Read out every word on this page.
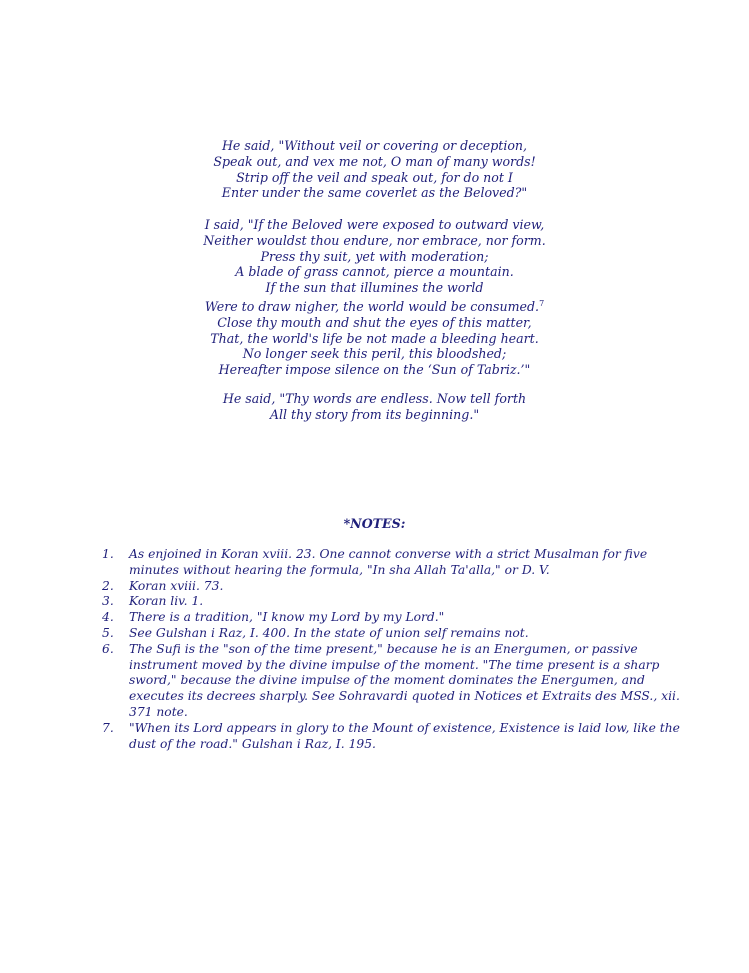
He said, "Without veil or covering or deception,
Speak out, and vex me not, O man of many words!
Strip off the veil and speak out, for do not I
Enter under the same coverlet as the Beloved?"
I said, "If the Beloved were exposed to outward view,
Neither wouldst thou endure, nor embrace, nor form.
Press thy suit, yet with moderation;
A blade of grass cannot, pierce a mountain.
If the sun that illumines the world
Were to draw nigher, the world would be consumed.$^7$
Close thy mouth and shut the eyes of this matter,
That, the world's life be not made a bleeding heart.
No longer seek this peril, this bloodshed;
Hereafter impose silence on the ‘Sun of Tabriz.’"
He said, "Thy words are endless. Now tell forth
All thy story from its beginning."
*NOTES:
1. As enjoined in Koran xviii. 23. One cannot converse with a strict Musalman for five
minutes without hearing the formula, "In sha Allah Ta'alla," or D. V.
2. Koran xviii. 73.
3. Koran liv. 1.
4. There is a tradition, "I know my Lord by my Lord."
5. See Gulshan i Raz, I. 400. In the state of union self remains not.
6. The Sufi is the "son of the time present," because he is an Energumen, or passive
instrument moved by the divine impulse of the moment. "The time present is a sharp
sword," because the divine impulse of the moment dominates the Energumen, and
executes its decrees sharply. See Sohravardi quoted in Notices et Extraits des MSS., xii.
371 note.
7. "When its Lord appears in glory to the Mount of existence, Existence is laid low, like the
dust of the road." Gulshan i Raz, I. 195.
